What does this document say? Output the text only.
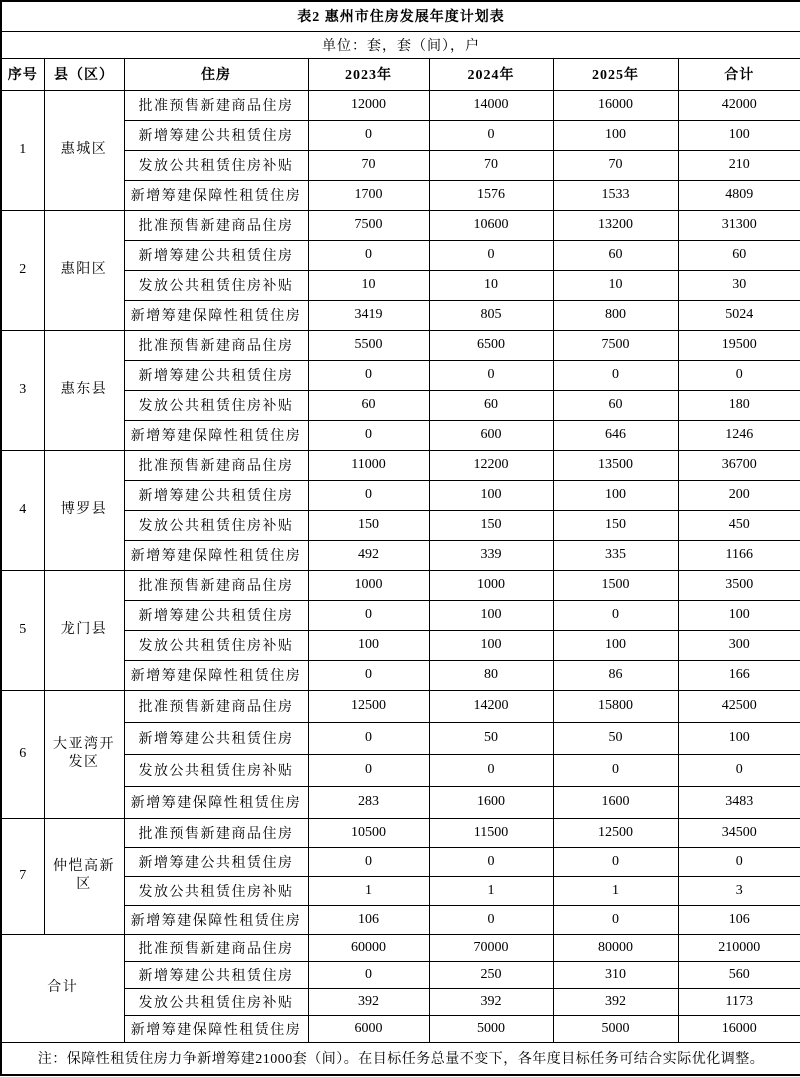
表2 惠州市住房发展年度计划表						
单位：套，套（间），户						
序号	县（区）	住房	2023年	2024年	2025年	合计
1	惠城区	批准预售新建商品住房	12000	14000	16000	42000
		新增筹建公共租赁住房	0	0	100	100
		发放公共租赁住房补贴	70	70	70	210
		新增筹建保障性租赁住房	1700	1576	1533	4809
2	惠阳区	批准预售新建商品住房	7500	10600	13200	31300
		新增筹建公共租赁住房	0	0	60	60
		发放公共租赁住房补贴	10	10	10	30
		新增筹建保障性租赁住房	3419	805	800	5024
3	惠东县	批准预售新建商品住房	5500	6500	7500	19500
		新增筹建公共租赁住房	0	0	0	0
		发放公共租赁住房补贴	60	60	60	180
		新增筹建保障性租赁住房	0	600	646	1246
4	博罗县	批准预售新建商品住房	11000	12200	13500	36700
		新增筹建公共租赁住房	0	100	100	200
		发放公共租赁住房补贴	150	150	150	450
		新增筹建保障性租赁住房	492	339	335	1166
5	龙门县	批准预售新建商品住房	1000	1000	1500	3500
		新增筹建公共租赁住房	0	100	0	100
		发放公共租赁住房补贴	100	100	100	300
		新增筹建保障性租赁住房	0	80	86	166
6	大亚湾开发区	批准预售新建商品住房	12500	14200	15800	42500
		新增筹建公共租赁住房	0	50	50	100
		发放公共租赁住房补贴	0	0	0	0
		新增筹建保障性租赁住房	283	1600	1600	3483
7	仲恺高新区	批准预售新建商品住房	10500	11500	12500	34500
		新增筹建公共租赁住房	0	0	0	0
		发放公共租赁住房补贴	1	1	1	3
		新增筹建保障性租赁住房	106	0	0	106
合计		批准预售新建商品住房	60000	70000	80000	210000
		新增筹建公共租赁住房	0	250	310	560
		发放公共租赁住房补贴	392	392	392	1173
		新增筹建保障性租赁住房	6000	5000	5000	16000
注：保障性租赁住房力争新增筹建21000套（间）。在目标任务总量不变下，各年度目标任务可结合实际优化调整。						
